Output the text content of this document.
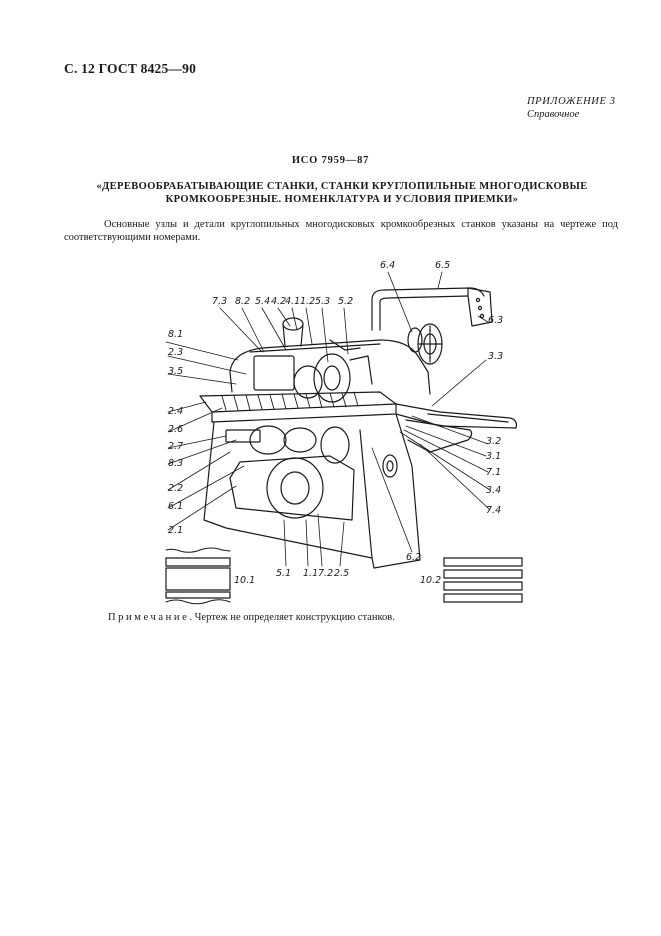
С. 12 ГОСТ 8425—90
ПРИЛОЖЕНИЕ 3
Справочное
ИСО 7959—87
«ДЕРЕВООБРАБАТЫВАЮЩИЕ СТАНКИ, СТАНКИ КРУГЛОПИЛЬНЫЕ МНОГОДИСКОВЫЕ
КРОМКООБРЕЗНЫЕ. НОМЕНКЛАТУРА И УСЛОВИЯ ПРИЕМКИ»
Основные узлы и детали круглопильных многодисковых кромкообрезных станков указаны на чертеже под соответствующими номерами.
6.4	6.5
6.3
3.3
7.3 8.2 5.4 4.2
4.1 1.2 5.3 5.2
8.1
2.3
3.5
2.4
2.6
2.7
8.3
2.2
6.1
2.1
3.2
3.1
7.1
3.4
7.4
5.1 1.1 7.2 2.5
6.2
10.1	10.2
Примечание. Чертеж не определяет конструкцию станков.
